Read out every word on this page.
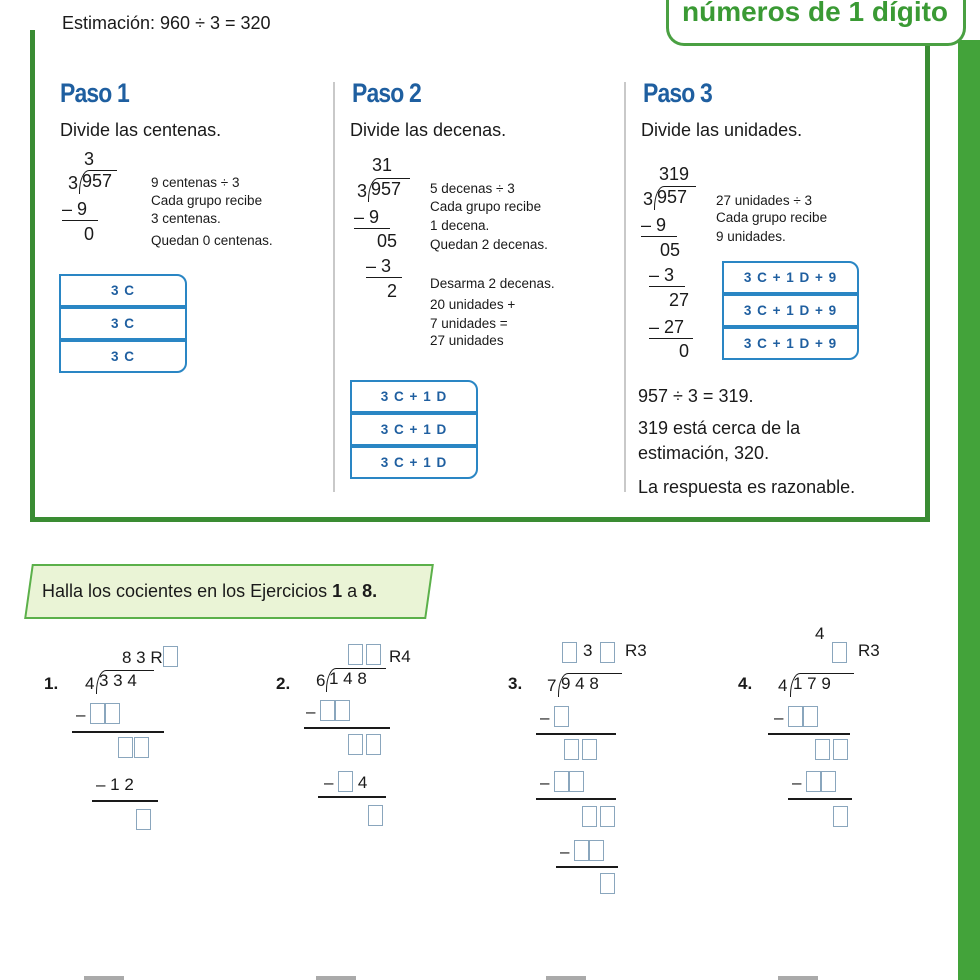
números de 1 dígito
Estimación: 960 ÷ 3 = 320
Paso 1
Divide las centenas.
3
3 957
– 9
0
9 centenas ÷ 3
Cada grupo recibe
3 centenas.
Quedan 0 centenas.
3 C
3 C
3 C
Paso 2
Divide las decenas.
31
3 957
– 9
05
– 3
2
5 decenas ÷ 3
Cada grupo recibe
1 decena.
Quedan 2 decenas.
Desarma 2 decenas.
20 unidades +
7 unidades =
27 unidades
3 C + 1 D
3 C + 1 D
3 C + 1 D
Paso 3
Divide las unidades.
319
3 957
– 9
05
– 3
27
– 27
0
27 unidades ÷ 3
Cada grupo recibe
9 unidades.
3 C + 1 D + 9
3 C + 1 D + 9
3 C + 1 D + 9
957 ÷ 3 = 319.
319 está cerca de la
estimación, 320.
La respuesta es razonable.
Halla los cocientes en los Ejercicios 1 a 8.
1.
8 3 R
4 3 3 4
–
– 1 2
2.
R4
6 1 4 8
–
–  4
3.
3 R3
7 9 4 8
–
–
–
4.
4
R3
4 1 7 9
–
–
